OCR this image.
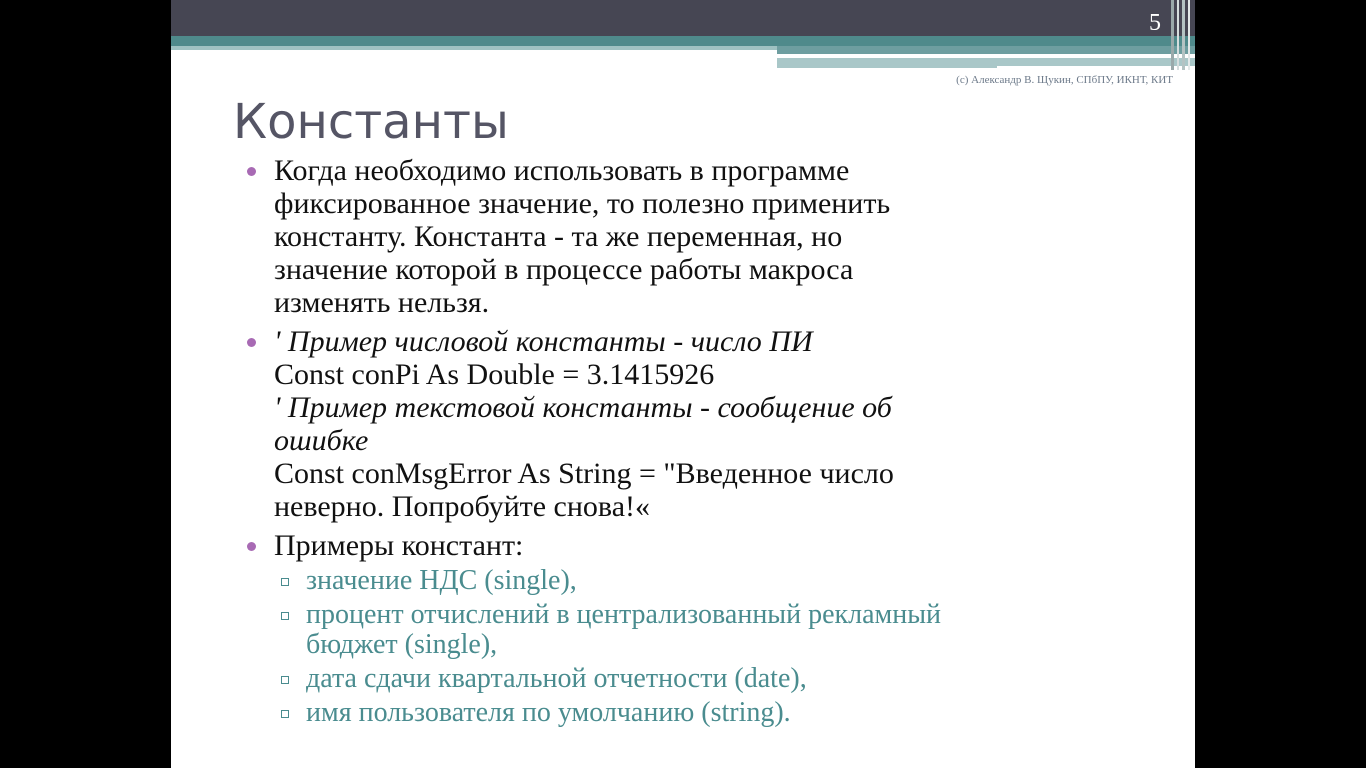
5
(c) Александр В. Щукин, СПбПУ, ИКНТ, КИТ
Константы
Когда необходимо использовать в программе
фиксированное значение, то полезно применить
константу. Константа - та же переменная, но
значение которой в процессе работы макроса
изменять нельзя.
' Пример числовой константы - число ПИ
Const conPi As Double = 3.1415926
' Пример текстовой константы - сообщение об
ошибке
Const conMsgError As String = "Введенное число
неверно. Попробуйте снова!«
Примеры констант:
значение НДС (single),
процент отчислений в централизованный рекламный
бюджет (single),
дата сдачи квартальной отчетности (date),
имя пользователя по умолчанию (string).
